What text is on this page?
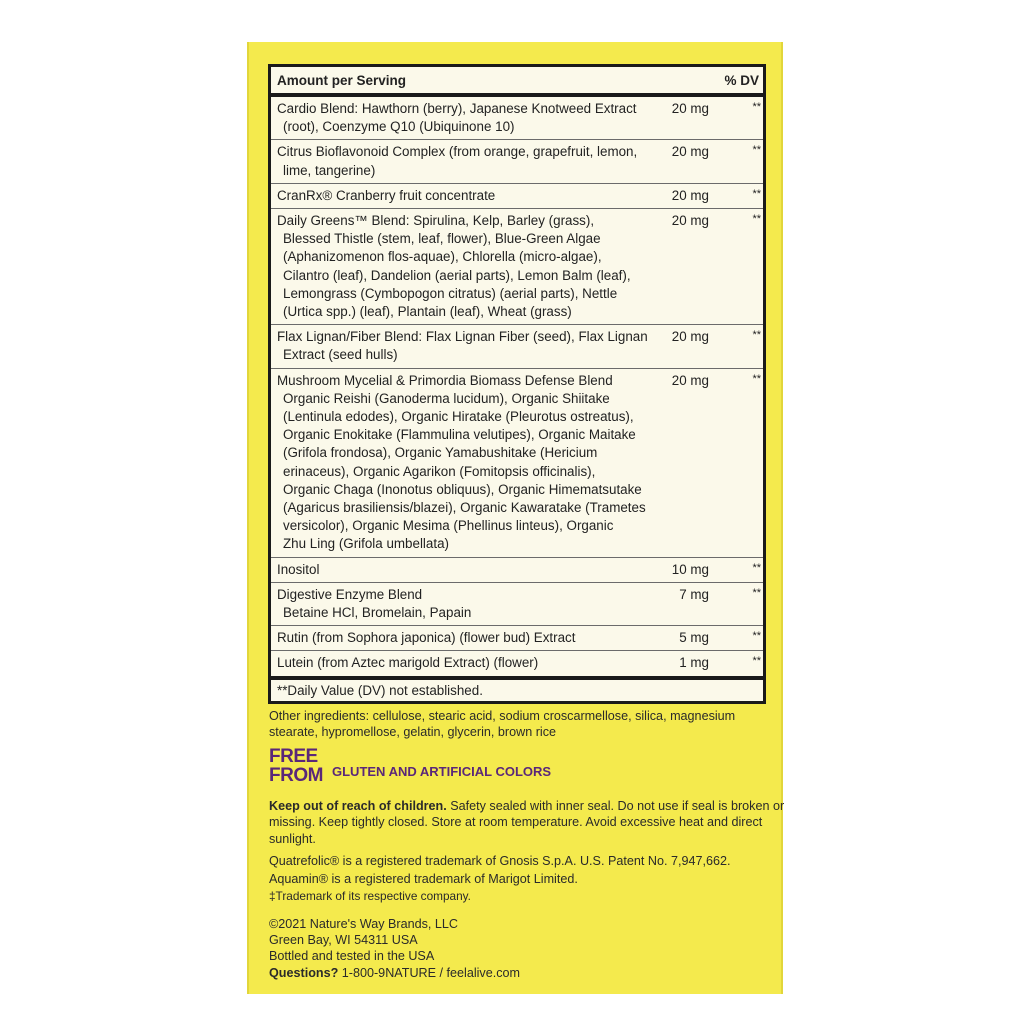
Amount per Serving	% DV
Cardio Blend: Hawthorn (berry), Japanese Knotweed Extract
(root), Coenzyme Q10 (Ubiquinone 10)
20 mg	**
Citrus Bioflavonoid Complex (from orange, grapefruit, lemon,
lime, tangerine)
20 mg	**
CranRx® Cranberry fruit concentrate	20 mg	**
Daily Greens™ Blend: Spirulina, Kelp, Barley (grass),
Blessed Thistle (stem, leaf, flower), Blue-Green Algae
(Aphanizomenon flos-aquae), Chlorella (micro-algae),
Cilantro (leaf), Dandelion (aerial parts), Lemon Balm (leaf),
Lemongrass (Cymbopogon citratus) (aerial parts), Nettle
(Urtica spp.) (leaf), Plantain (leaf), Wheat (grass)
20 mg	**
Flax Lignan/Fiber Blend: Flax Lignan Fiber (seed), Flax Lignan
Extract (seed hulls)
20 mg	**
Mushroom Mycelial & Primordia Biomass Defense Blend
Organic Reishi (Ganoderma lucidum), Organic Shiitake
(Lentinula edodes), Organic Hiratake (Pleurotus ostreatus),
Organic Enokitake (Flammulina velutipes), Organic Maitake
(Grifola frondosa), Organic Yamabushitake (Hericium
erinaceus), Organic Agarikon (Fomitopsis officinalis),
Organic Chaga (Inonotus obliquus), Organic Himematsutake
(Agaricus brasiliensis/blazei), Organic Kawaratake (Trametes
versicolor), Organic Mesima (Phellinus linteus), Organic
Zhu Ling (Grifola umbellata)
20 mg	**
Inositol	10 mg	**
Digestive Enzyme Blend
Betaine HCl, Bromelain, Papain
7 mg	**
Rutin (from Sophora japonica) (flower bud) Extract	5 mg	**
Lutein (from Aztec marigold Extract) (flower)	1 mg	**
**Daily Value (DV) not established.
Other ingredients: cellulose, stearic acid, sodium croscarmellose, silica, magnesium
stearate, hypromellose, gelatin, glycerin, brown rice
FREE
FROM GLUTEN AND ARTIFICIAL COLORS
Keep out of reach of children. Safety sealed with inner seal. Do not use if seal is broken or
missing. Keep tightly closed. Store at room temperature. Avoid excessive heat and direct
sunlight.
Quatrefolic® is a registered trademark of Gnosis S.p.A. U.S. Patent No. 7,947,662.
Aquamin® is a registered trademark of Marigot Limited.
‡Trademark of its respective company.
©2021 Nature's Way Brands, LLC
Green Bay, WI 54311 USA
Bottled and tested in the USA
Questions? 1-800-9NATURE / feelalive.com
